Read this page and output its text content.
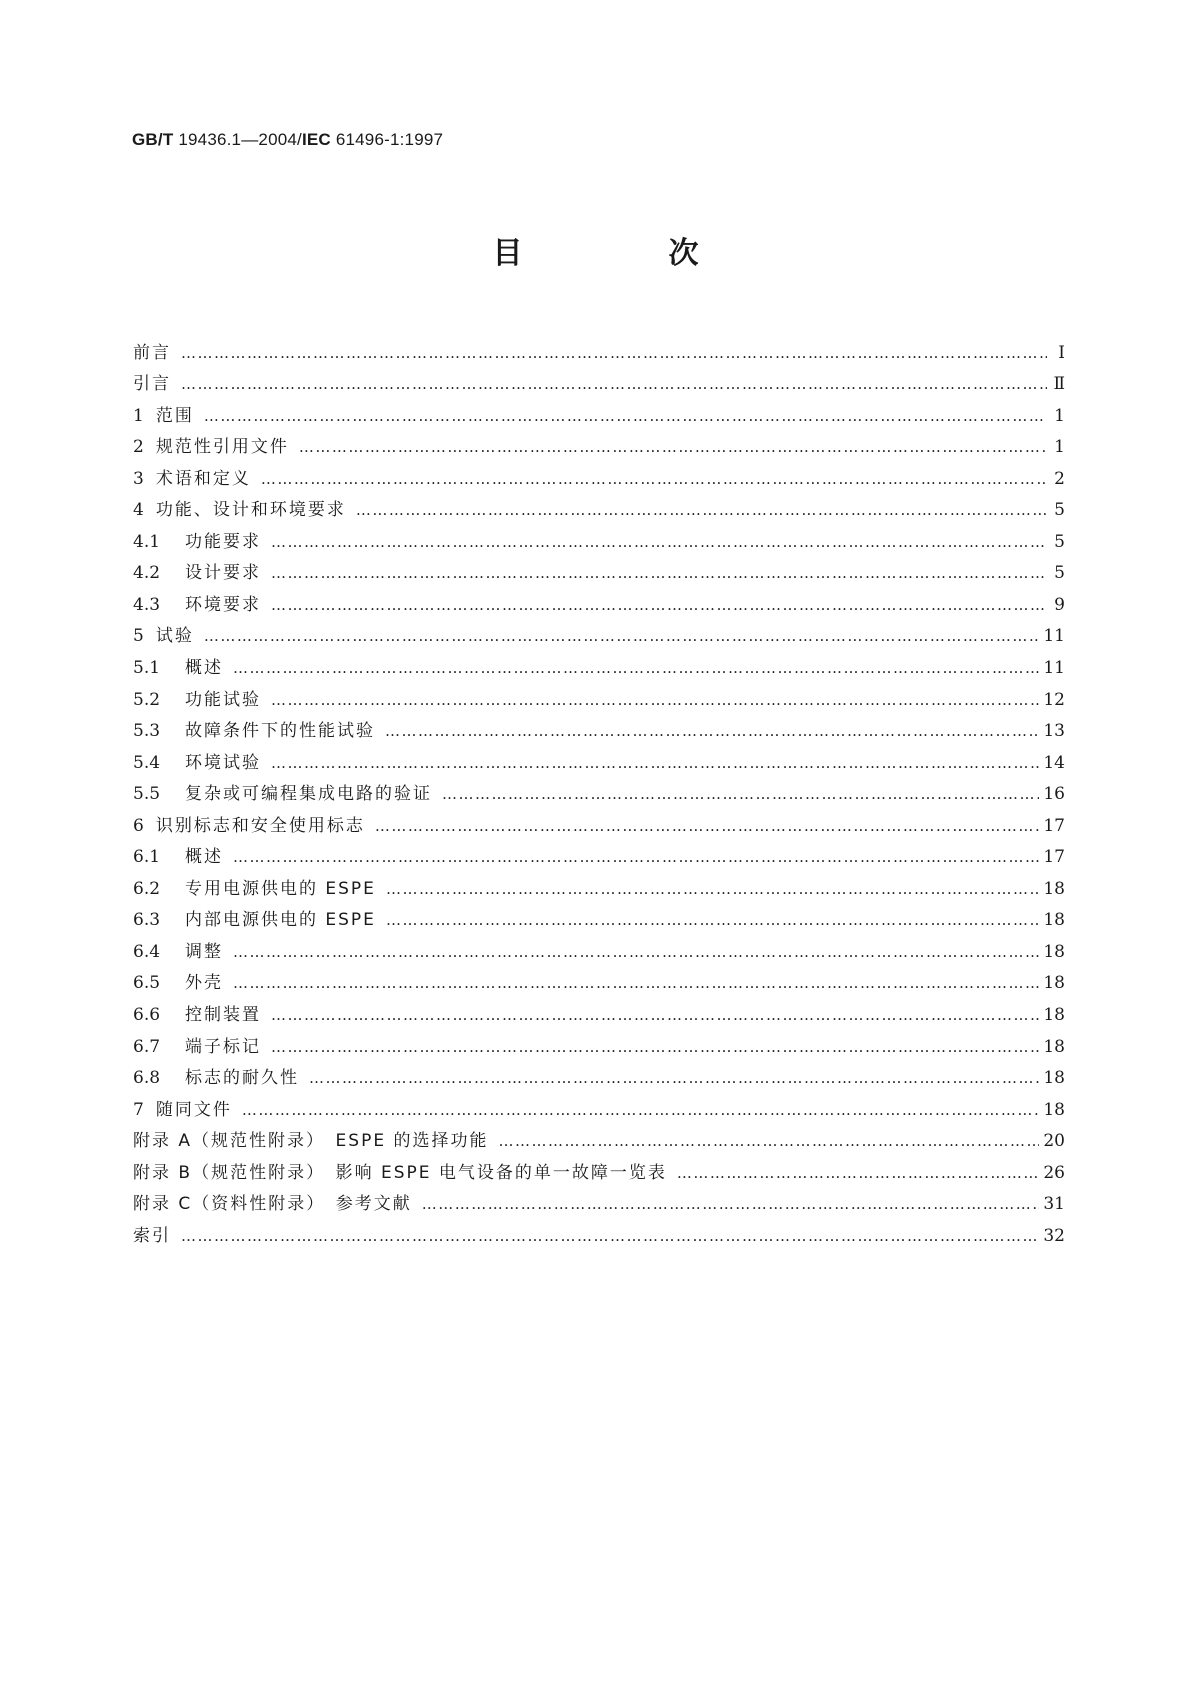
GB/T 19436.1—2004/IEC 61496-1:1997
目　次
前言 ………………………………………………………………………………………………………………………………………………………………………………………………………………………………………………………………………………………	Ⅰ
引言 ………………………………………………………………………………………………………………………………………………………………………………………………………………………………………………………………………………………	Ⅱ
1 范围 ………………………………………………………………………………………………………………………………………………………………………………………………………………………………………………………………………………………	1
2 规范性引用文件 ………………………………………………………………………………………………………………………………………………………………………………………………………………………………………………………………………………………	1
3 术语和定义 ………………………………………………………………………………………………………………………………………………………………………………………………………………………………………………………………………………………	2
4 功能、设计和环境要求 ………………………………………………………………………………………………………………………………………………………………………………………………………………………………………………………………………………………	5
4.1	功能要求 ………………………………………………………………………………………………………………………………………………………………………………………………………………………………………………………………………………………	5
4.2	设计要求 ………………………………………………………………………………………………………………………………………………………………………………………………………………………………………………………………………………………	5
4.3	环境要求 ………………………………………………………………………………………………………………………………………………………………………………………………………………………………………………………………………………………	9
5 试验 ………………………………………………………………………………………………………………………………………………………………………………………………………………………………………………………………………………………	11
5.1	概述 ………………………………………………………………………………………………………………………………………………………………………………………………………………………………………………………………………………………	11
5.2	功能试验 ………………………………………………………………………………………………………………………………………………………………………………………………………………………………………………………………………………………	12
5.3	故障条件下的性能试验 ………………………………………………………………………………………………………………………………………………………………………………………………………………………………………………………………………………………	13
5.4	环境试验 ………………………………………………………………………………………………………………………………………………………………………………………………………………………………………………………………………………………	14
5.5	复杂或可编程集成电路的验证 ………………………………………………………………………………………………………………………………………………………………………………………………………………………………………………………………………………………	16
6 识别标志和安全使用标志 ………………………………………………………………………………………………………………………………………………………………………………………………………………………………………………………………………………………	17
6.1	概述 ………………………………………………………………………………………………………………………………………………………………………………………………………………………………………………………………………………………	17
6.2	专用电源供电的 ESPE ………………………………………………………………………………………………………………………………………………………………………………………………………………………………………………………………………………………	18
6.3	内部电源供电的 ESPE ………………………………………………………………………………………………………………………………………………………………………………………………………………………………………………………………………………………	18
6.4	调整 ………………………………………………………………………………………………………………………………………………………………………………………………………………………………………………………………………………………	18
6.5	外壳 ………………………………………………………………………………………………………………………………………………………………………………………………………………………………………………………………………………………	18
6.6	控制装置 ………………………………………………………………………………………………………………………………………………………………………………………………………………………………………………………………………………………	18
6.7	端子标记 ………………………………………………………………………………………………………………………………………………………………………………………………………………………………………………………………………………………	18
6.8	标志的耐久性 ………………………………………………………………………………………………………………………………………………………………………………………………………………………………………………………………………………………	18
7 随同文件 ………………………………………………………………………………………………………………………………………………………………………………………………………………………………………………………………………………………	18
附录 A（规范性附录）　ESPE 的选择功能 ………………………………………………………………………………………………………………………………………………………………………………………………………………………………………………………………………………………	20
附录 B（规范性附录）　影响 ESPE 电气设备的单一故障一览表 ………………………………………………………………………………………………………………………………………………………………………………………………………………………………………………………………………………………	26
附录 C（资料性附录）　参考文献 ………………………………………………………………………………………………………………………………………………………………………………………………………………………………………………………………………………………	31
索引 ………………………………………………………………………………………………………………………………………………………………………………………………………………………………………………………………………………………	32
